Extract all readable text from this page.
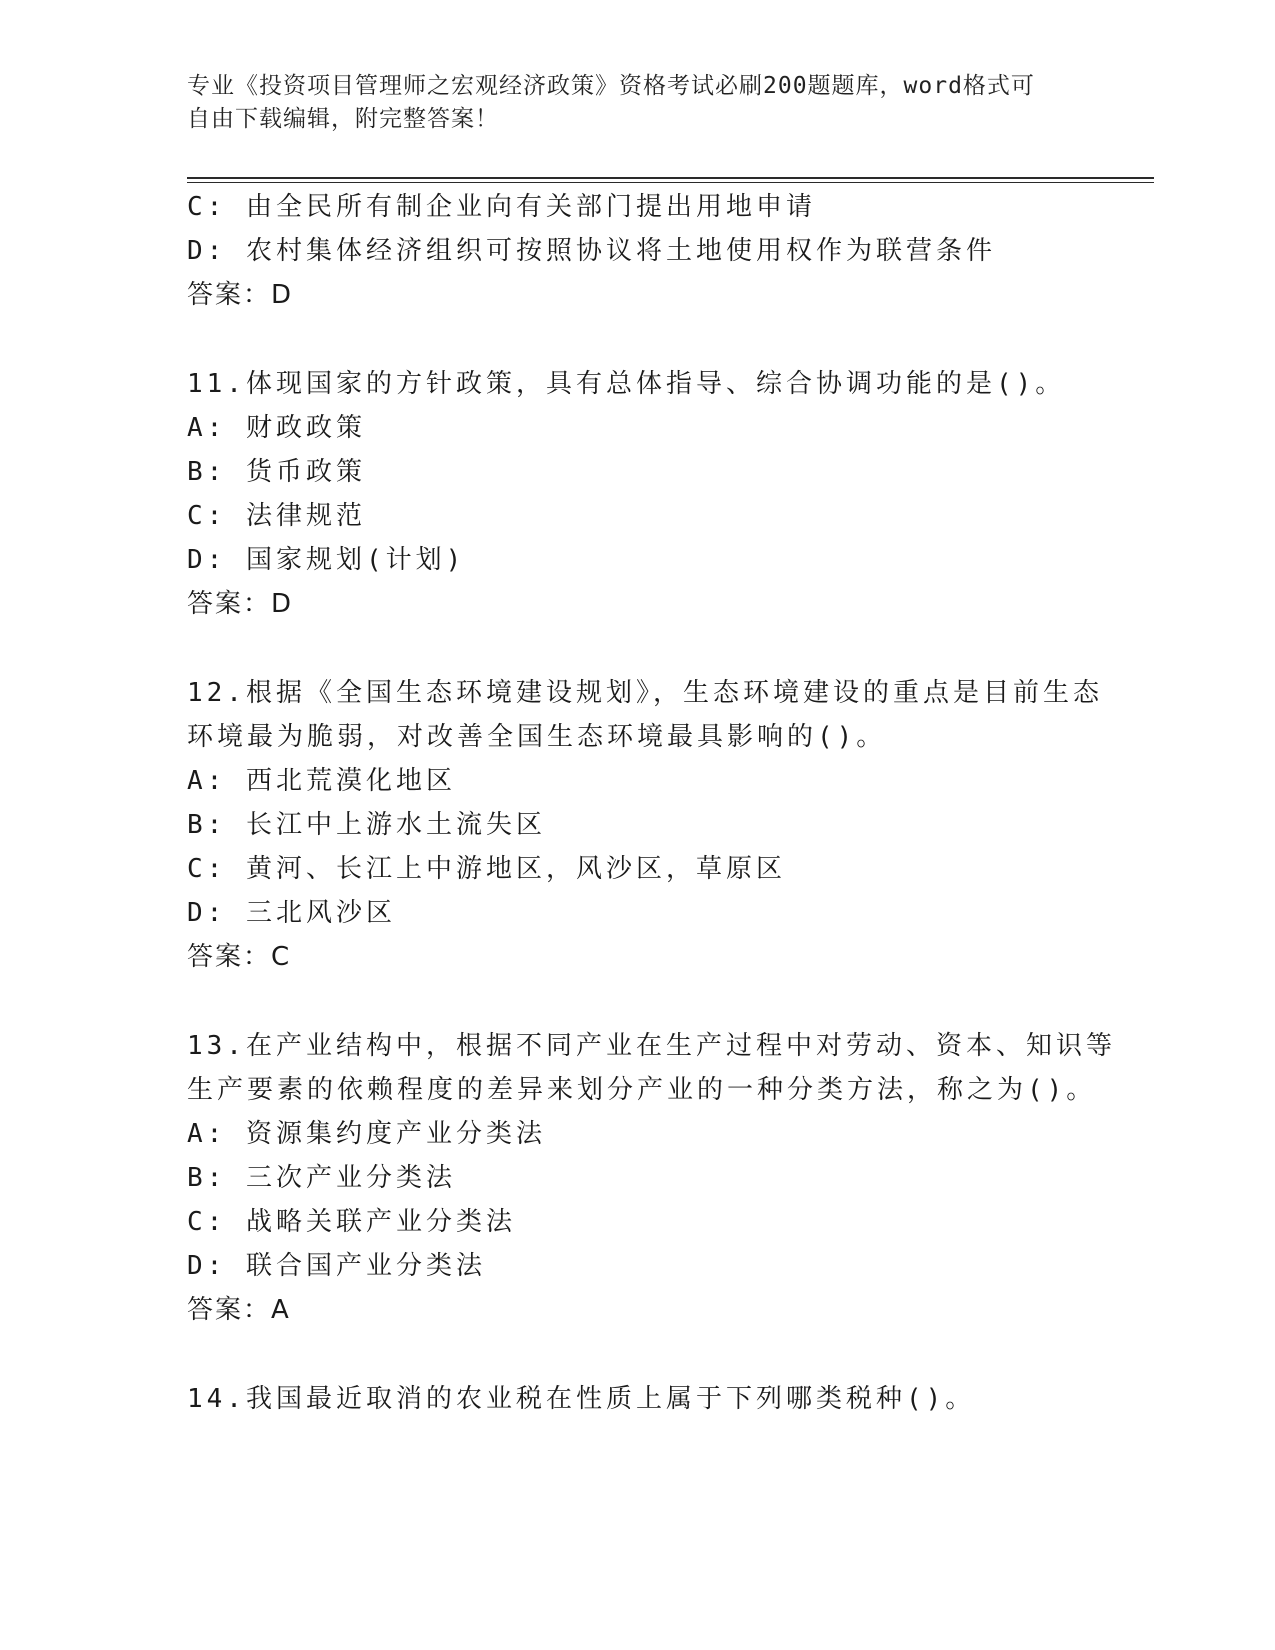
专业《投资项目管理师之宏观经济政策》资格考试必刷200题题库，word格式可

自由下载编辑，附完整答案！

C: 由全民所有制企业向有关部门提出用地申请
D: 农村集体经济组织可按照协议将土地使用权作为联营条件
答案：D
11.体现国家的方针政策，具有总体指导、综合协调功能的是()。
A: 财政政策
B: 货币政策
C: 法律规范
D: 国家规划(计划)
答案：D
12.根据《全国生态环境建设规划》，生态环境建设的重点是目前生态
环境最为脆弱，对改善全国生态环境最具影响的()。
A: 西北荒漠化地区
B: 长江中上游水土流失区
C: 黄河、长江上中游地区，风沙区，草原区
D: 三北风沙区
答案：C
13.在产业结构中，根据不同产业在生产过程中对劳动、资本、知识等
生产要素的依赖程度的差异来划分产业的一种分类方法，称之为()。
A: 资源集约度产业分类法
B: 三次产业分类法
C: 战略关联产业分类法
D: 联合国产业分类法
答案：A
14.我国最近取消的农业税在性质上属于下列哪类税种()。
